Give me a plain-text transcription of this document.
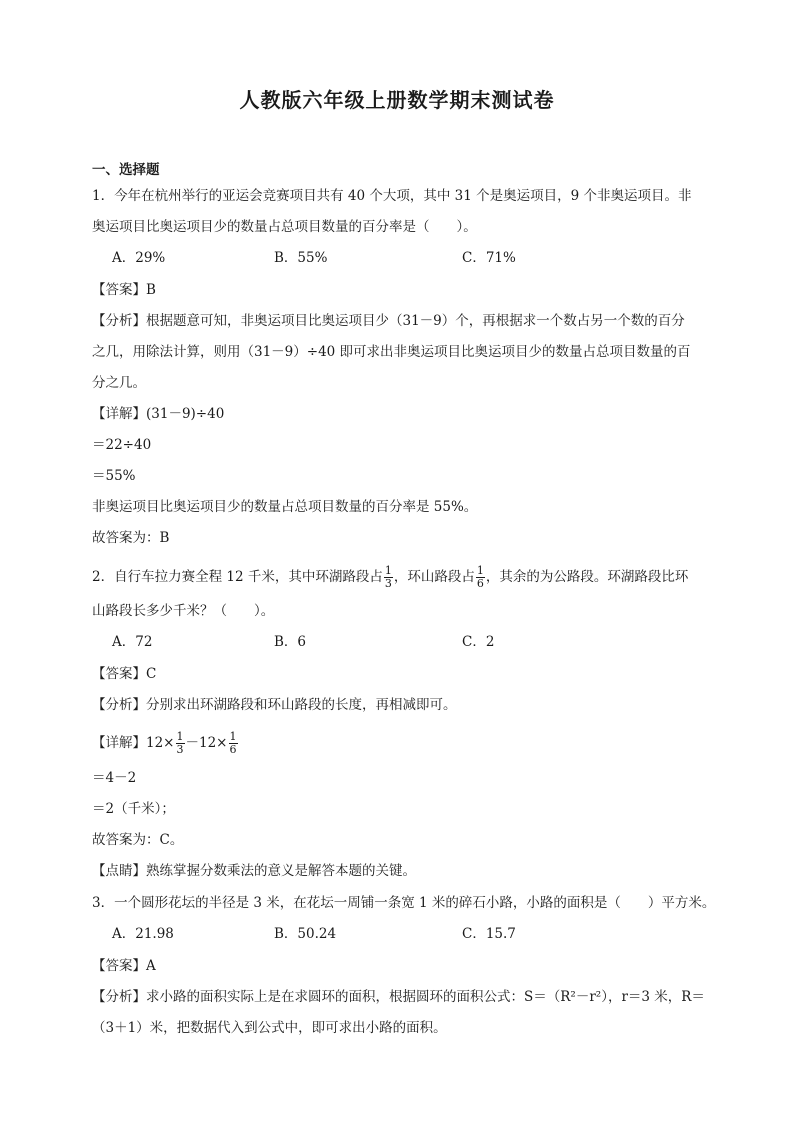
人教版六年级上册数学期末测试卷
一、选择题
1．今年在杭州举行的亚运会竞赛项目共有 40 个大项，其中 31 个是奥运项目，9 个非奥运项目。非
奥运项目比奥运项目少的数量占总项目数量的百分率是（　　）。
A．29%	B．55%	C．71%
【答案】B
【分析】根据题意可知，非奥运项目比奥运项目少（31－9）个，再根据求一个数占另一个数的百分
之几，用除法计算，则用（31－9）÷40 即可求出非奥运项目比奥运项目少的数量占总项目数量的百
分之几。
【详解】(31－9)÷40
＝22÷40
＝55%
非奥运项目比奥运项目少的数量占总项目数量的百分率是 55%。
故答案为：B
2．自行车拉力赛全程 12 千米，其中环湖路段占 $\frac{1}{3}$ ，环山路段占 $\frac{1}{6}$ ，其余的为公路段。环湖路段比环
山路段长多少千米？（　　）。
A．72	B．6	C．2
【答案】C
【分析】分别求出环湖路段和环山路段的长度，再相减即可。
【详解】$12\times \frac{1}{3} -12\times \frac{1}{6}$
＝4－2
＝2（千米）；
故答案为：C。
【点睛】熟练掌握分数乘法的意义是解答本题的关键。
3．一个圆形花坛的半径是 3 米，在花坛一周铺一条宽 1 米的碎石小路，小路的面积是（　　）平方米。
A．21.98	B．50.24	C．15.7
【答案】A
【分析】求小路的面积实际上是在求圆环的面积，根据圆环的面积公式：S＝（R²－r²），r＝3 米，R＝
（3＋1）米，把数据代入到公式中，即可求出小路的面积。
